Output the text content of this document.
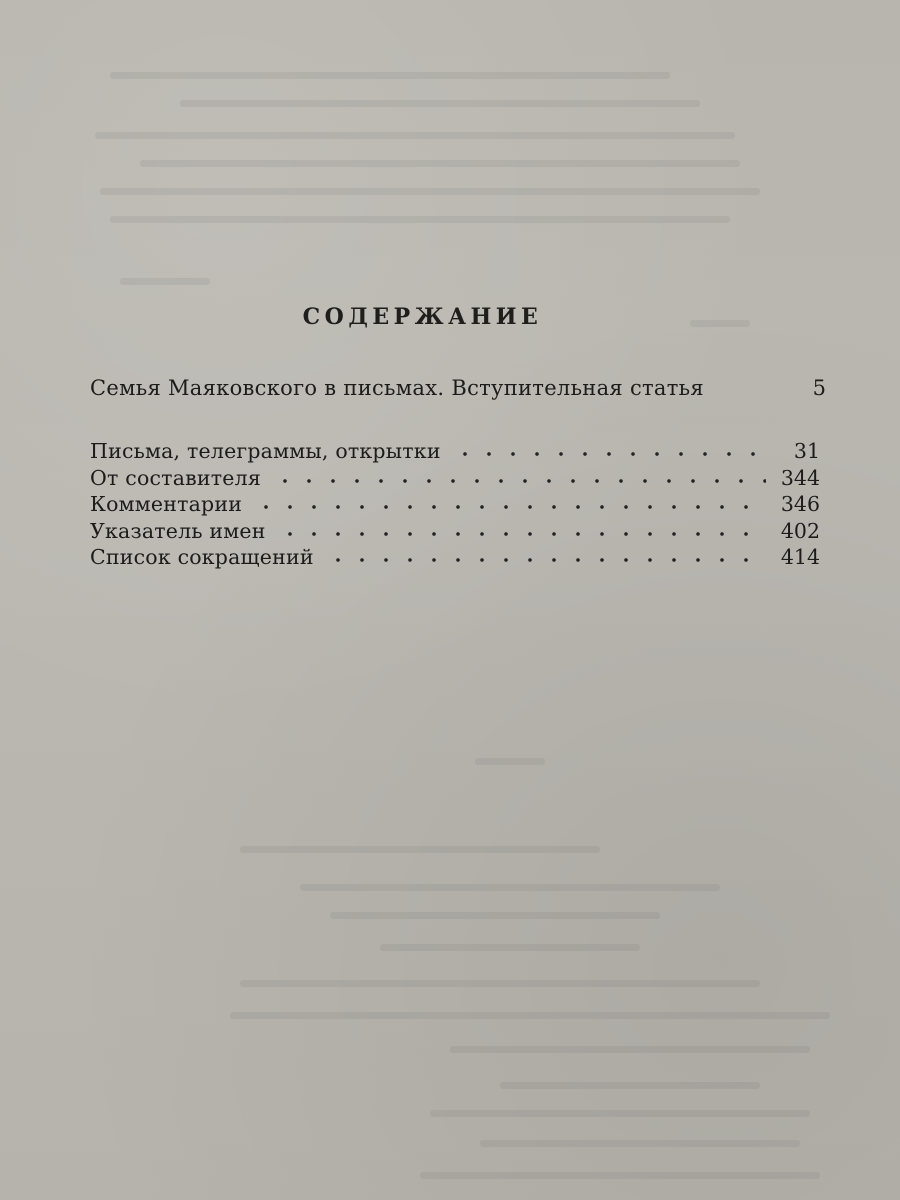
СОДЕРЖАНИЕ
Семья Маяковского в письмах. Вступительная статья	5
Письма, телеграммы, открытки	31
От составителя	344
Комментарии	346
Указатель имен	402
Список сокращений	414
